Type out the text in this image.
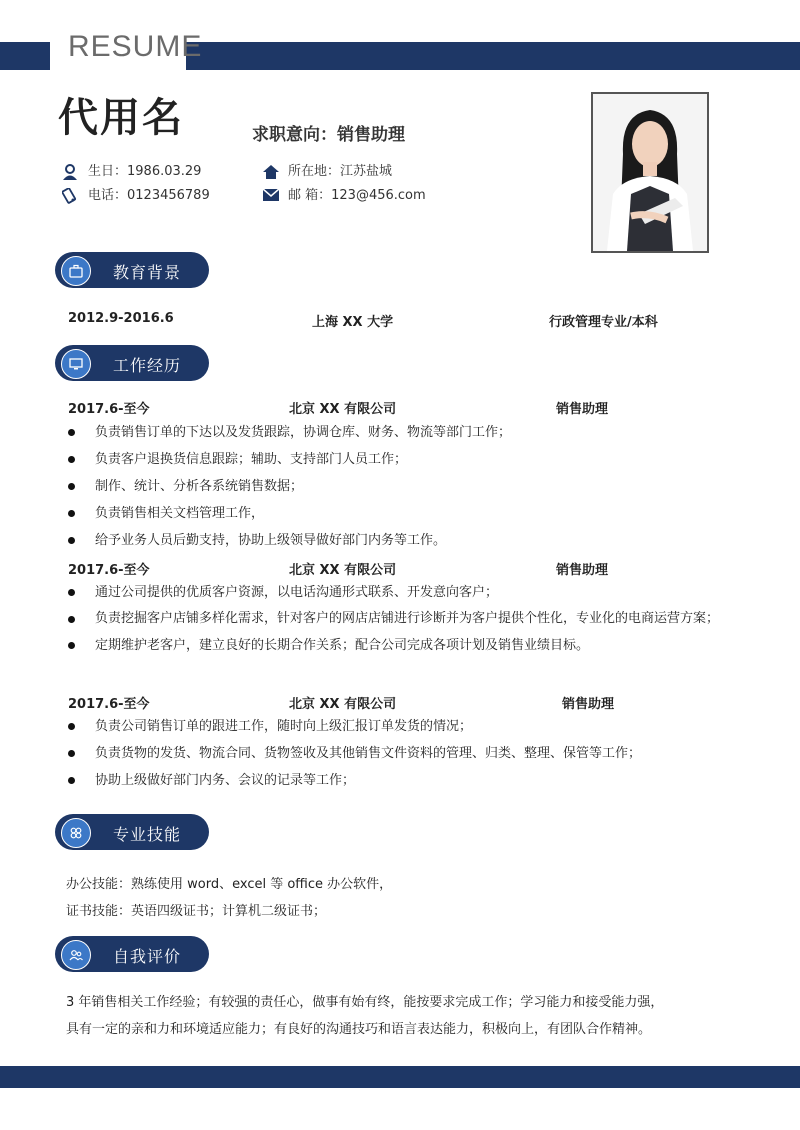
RESUME
代用名	求职意向：销售助理
生日：1986.03.29
电话：0123456789
所在地：江苏盐城
邮 箱：123@456.com
教育背景
2012.9-2016.6	上海 XX 大学	行政管理专业/本科
工作经历
2017.6-至今	北京 XX 有限公司	销售助理
负责销售订单的下达以及发货跟踪，协调仓库、财务、物流等部门工作；
负责客户退换货信息跟踪；辅助、支持部门人员工作；
制作、统计、分析各系统销售数据；
负责销售相关文档管理工作，
给予业务人员后勤支持，协助上级领导做好部门内务等工作。
2017.6-至今	北京 XX 有限公司	销售助理
通过公司提供的优质客户资源，以电话沟通形式联系、开发意向客户；
负责挖掘客户店铺多样化需求，针对客户的网店店铺进行诊断并为客户提供个性化，专业化的电商运营方案；
定期维护老客户，建立良好的长期合作关系；配合公司完成各项计划及销售业绩目标。
2017.6-至今	北京 XX 有限公司	销售助理
负责公司销售订单的跟进工作，随时向上级汇报订单发货的情况；
负责货物的发货、物流合同、货物签收及其他销售文件资料的管理、归类、整理、保管等工作；
协助上级做好部门内务、会议的记录等工作；
专业技能
办公技能：熟练使用 word、excel 等 office 办公软件，
证书技能：英语四级证书；计算机二级证书；
自我评价
3 年销售相关工作经验；有较强的责任心，做事有始有终，能按要求完成工作；学习能力和接受能力强，
具有一定的亲和力和环境适应能力；有良好的沟通技巧和语言表达能力，积极向上，有团队合作精神。
